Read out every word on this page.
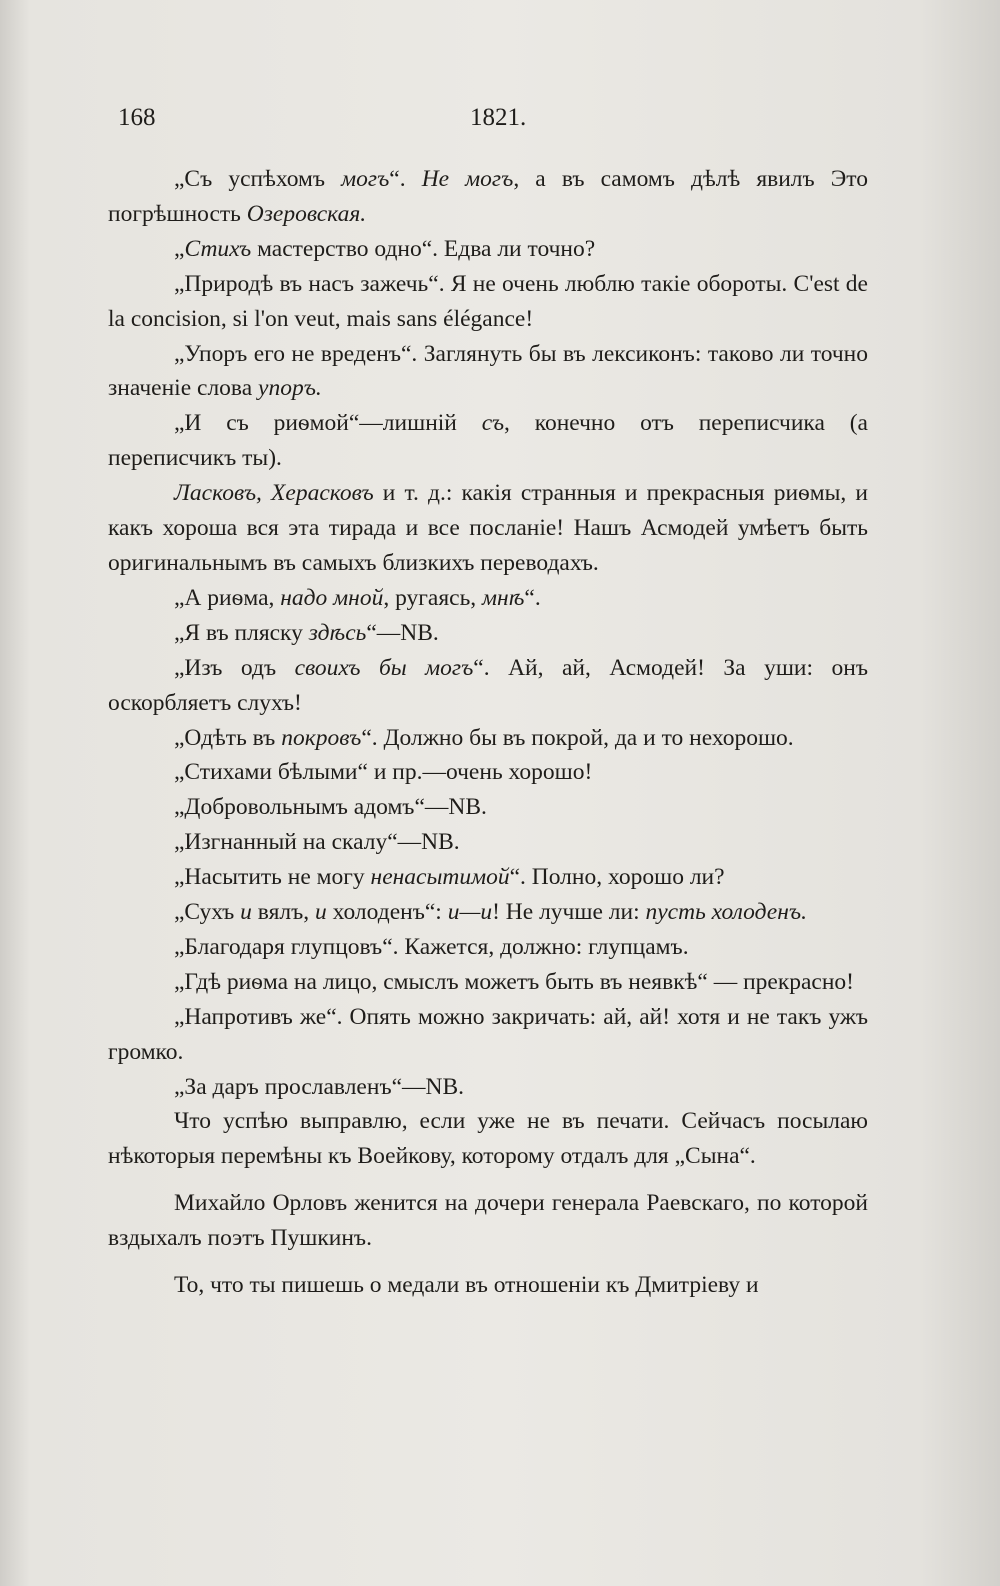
168	1821.

„Съ успѣхомъ могъ“. Не могъ, а въ самомъ дѣлѣ явилъ Это погрѣшность Озеровская.

„Стихъ мастерство одно“. Едва ли точно?

„Природѣ въ насъ зажечь“. Я не очень люблю такіе обороты. C'est de la concision, si l'on veut, mais sans élégance!

„Упоръ его не вреденъ“. Заглянуть бы въ лексиконъ: таково ли точно значеніе слова упоръ.

„И съ риѳмой“—лишній съ, конечно отъ переписчика (а переписчикъ ты).

Ласковъ, Херасковъ и т. д.: какія странныя и прекрасныя риѳмы, и какъ хороша вся эта тирада и все посланіе! Нашъ Асмодей умѣетъ быть оригинальнымъ въ самыхъ близкихъ переводахъ.

„А риѳма, надо мной, ругаясь, мнѣ“.

„Я въ пляску здѣсь“—NB.

„Изъ одъ своихъ бы могъ“. Ай, ай, Асмодей! За уши: онъ оскорбляетъ слухъ!

„Одѣть въ покровъ“. Должно бы въ покрой, да и то нехорошо.

„Стихами бѣлыми“ и пр.—очень хорошо!

„Добровольнымъ адомъ“—NB.

„Изгнанный на скалу“—NB.

„Насытить не могу ненасытимой“. Полно, хорошо ли?

„Сухъ и вялъ, и холоденъ“: и—и! Не лучше ли: пусть холоденъ.

„Благодаря глупцовъ“. Кажется, должно: глупцамъ.

„Гдѣ риѳма на лицо, смыслъ можетъ быть въ неявкѣ“ — прекрасно!

„Напротивъ же“. Опять можно закричать: ай, ай! хотя и не такъ ужъ громко.

„За даръ прославленъ“—NB.

Что успѣю выправлю, если уже не въ печати. Сейчасъ посылаю нѣкоторыя перемѣны къ Воейкову, которому отдалъ для „Сына“.

Михайло Орловъ женится на дочери генерала Раевскаго, по которой вздыхалъ поэтъ Пушкинъ.

То, что ты пишешь о медали въ отношеніи къ Дмитріеву и
